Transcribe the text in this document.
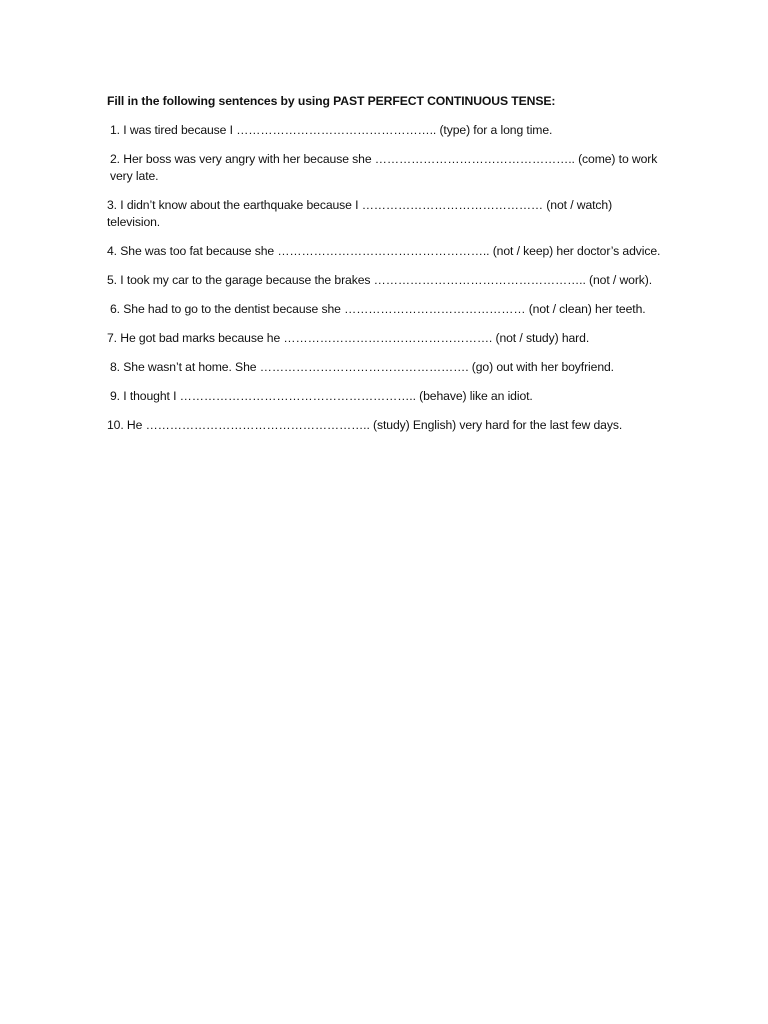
Fill in the following sentences by using PAST PERFECT CONTINUOUS TENSE:

1. I was tired because I ………………………………………….. (type) for a long time.

2. Her boss was very angry with her because she ………………………………………….. (come) to work very late.

3. I didn’t know about the earthquake because I ……………………………………… (not / watch) television.

4. She was too fat because she …………………………………………….. (not / keep) her doctor’s advice.

5. I took my car to the garage because the brakes …………………………………………….. (not / work).

6. She had to go to the dentist because she ……………………………………… (not / clean) her teeth.

7. He got bad marks because he ……………………………………………. (not / study) hard.

8. She wasn’t at home. She ……………………………………………. (go) out with her boyfriend.

9. I thought I ………………………………………………….. (behave) like an idiot.

10. He ……………………………………………….. (study) English) very hard for the last few days.
